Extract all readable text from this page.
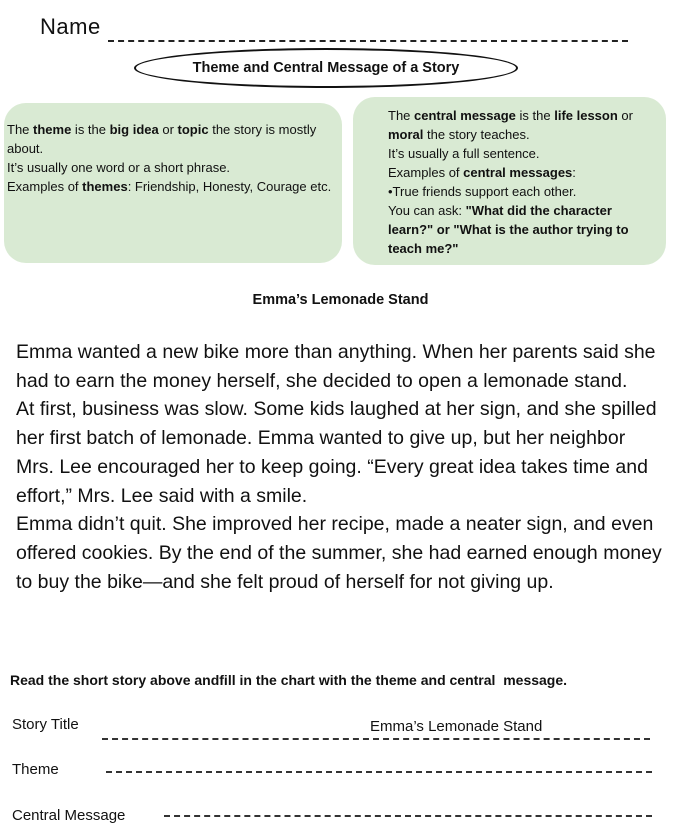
Name
Theme and Central Message of a Story

The theme is the big idea or topic the story is mostly about.

It’s usually one word or a short phrase.

Examples of themes: Friendship, Honesty, Courage etc.

The central message is the life lesson or moral the story teaches.

It’s usually a full sentence.

Examples of central messages:

•True friends support each other.

You can ask: "What did the character learn?" or "What is the author trying to teach me?"

Emma’s Lemonade Stand

Emma wanted a new bike more than anything. When her parents said she had to earn the money herself, she decided to open a lemonade stand.

At first, business was slow. Some kids laughed at her sign, and she spilled her first batch of lemonade. Emma wanted to give up, but her neighbor Mrs. Lee encouraged her to keep going. “Every great idea takes time and effort,” Mrs. Lee said with a smile.

Emma didn’t quit. She improved her recipe, made a neater sign, and even offered cookies. By the end of the summer, she had earned enough money to buy the bike—and she felt proud of herself for not giving up.

Read the short story above andfill in the chart with the theme and central message.
Story Title	Emma’s Lemonade Stand
Theme
Central Message
